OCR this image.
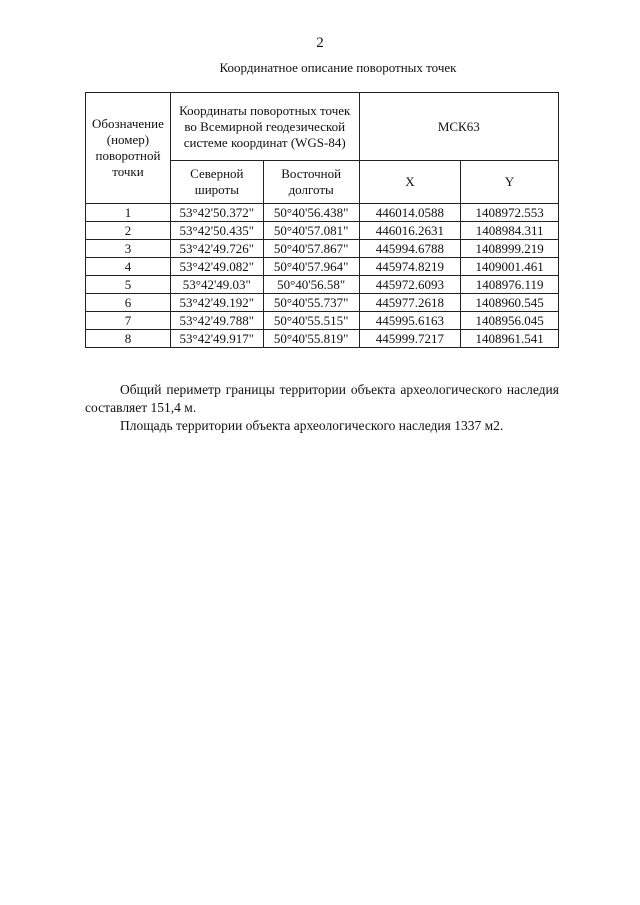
2
Координатное описание поворотных точек
Обозначение (номер) поворотной точки	Координаты поворотных точек во Всемирной геодезической системе координат (WGS-84)		МСК63	
	Северной широты	Восточной долготы	X	Y
1	53°42'50.372"	50°40'56.438"	446014.0588	1408972.553
2	53°42'50.435"	50°40'57.081"	446016.2631	1408984.311
3	53°42'49.726"	50°40'57.867"	445994.6788	1408999.219
4	53°42'49.082"	50°40'57.964"	445974.8219	1409001.461
5	53°42'49.03"	50°40'56.58"	445972.6093	1408976.119
6	53°42'49.192"	50°40'55.737"	445977.2618	1408960.545
7	53°42'49.788"	50°40'55.515"	445995.6163	1408956.045
8	53°42'49.917"	50°40'55.819"	445999.7217	1408961.541
Общий периметр границы территории объекта археологического наследия составляет 151,4 м.
Площадь территории объекта археологического наследия 1337 м2.
